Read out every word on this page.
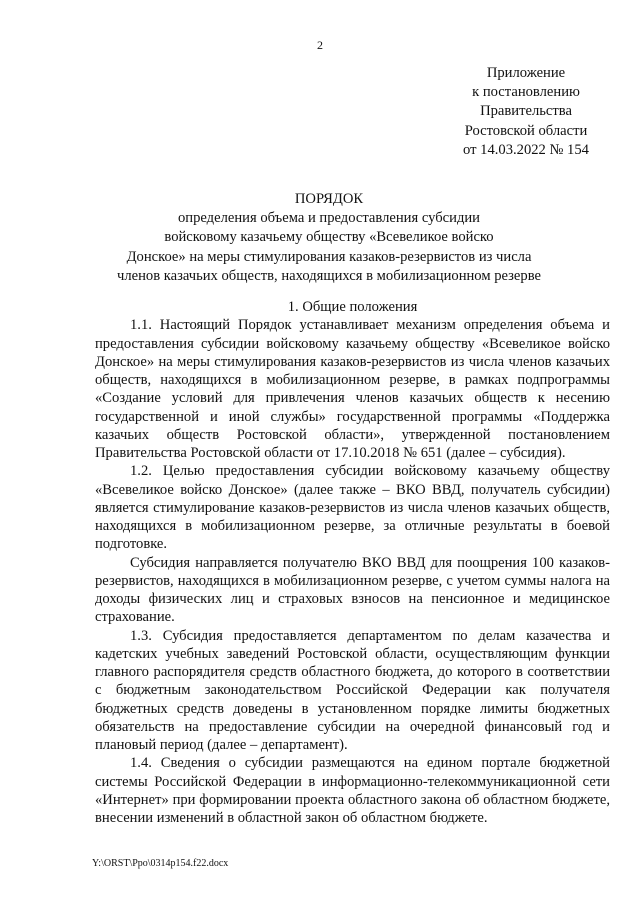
2
Приложение
к постановлению
Правительства
Ростовской области
от 14.03.2022 № 154
ПОРЯДОК
определения объема и предоставления субсидии
войсковому казачьему обществу «Всевеликое войско
Донское» на меры стимулирования казаков-резервистов из числа
членов казачьих обществ, находящихся в мобилизационном резерве
1. Общие положения

1.1. Настоящий Порядок устанавливает механизм определения объема и предоставления субсидии войсковому казачьему обществу «Всевеликое войско Донское» на меры стимулирования казаков-резервистов из числа членов казачьих обществ, находящихся в мобилизационном резерве, в рамках подпрограммы «Создание условий для привлечения членов казачьих обществ к несению государственной и иной службы» государственной программы «Поддержка казачьих обществ Ростовской области», утвержденной постановлением Правительства Ростовской области от 17.10.2018 № 651 (далее – субсидия).

1.2. Целью предоставления субсидии войсковому казачьему обществу «Всевеликое войско Донское» (далее также – ВКО ВВД, получатель субсидии) является стимулирование казаков-резервистов из числа членов казачьих обществ, находящихся в мобилизационном резерве, за отличные результаты в боевой подготовке.

Субсидия направляется получателю ВКО ВВД для поощрения 100 казаков-резервистов, находящихся в мобилизационном резерве, с учетом суммы налога на доходы физических лиц и страховых взносов на пенсионное и медицинское страхование.

1.3. Субсидия предоставляется департаментом по делам казачества и кадетских учебных заведений Ростовской области, осуществляющим функции главного распорядителя средств областного бюджета, до которого в соответствии с бюджетным законодательством Российской Федерации как получателя бюджетных средств доведены в установленном порядке лимиты бюджетных обязательств на предоставление субсидии на очередной финансовый год и плановый период (далее – департамент).

1.4. Сведения о субсидии размещаются на едином портале бюджетной системы Российской Федерации в информационно-телекоммуникационной сети «Интернет» при формировании проекта областного закона об областном бюджете, внесении изменений в областной закон об областном бюджете.

Y:\ORST\Ppo\0314p154.f22.docx
